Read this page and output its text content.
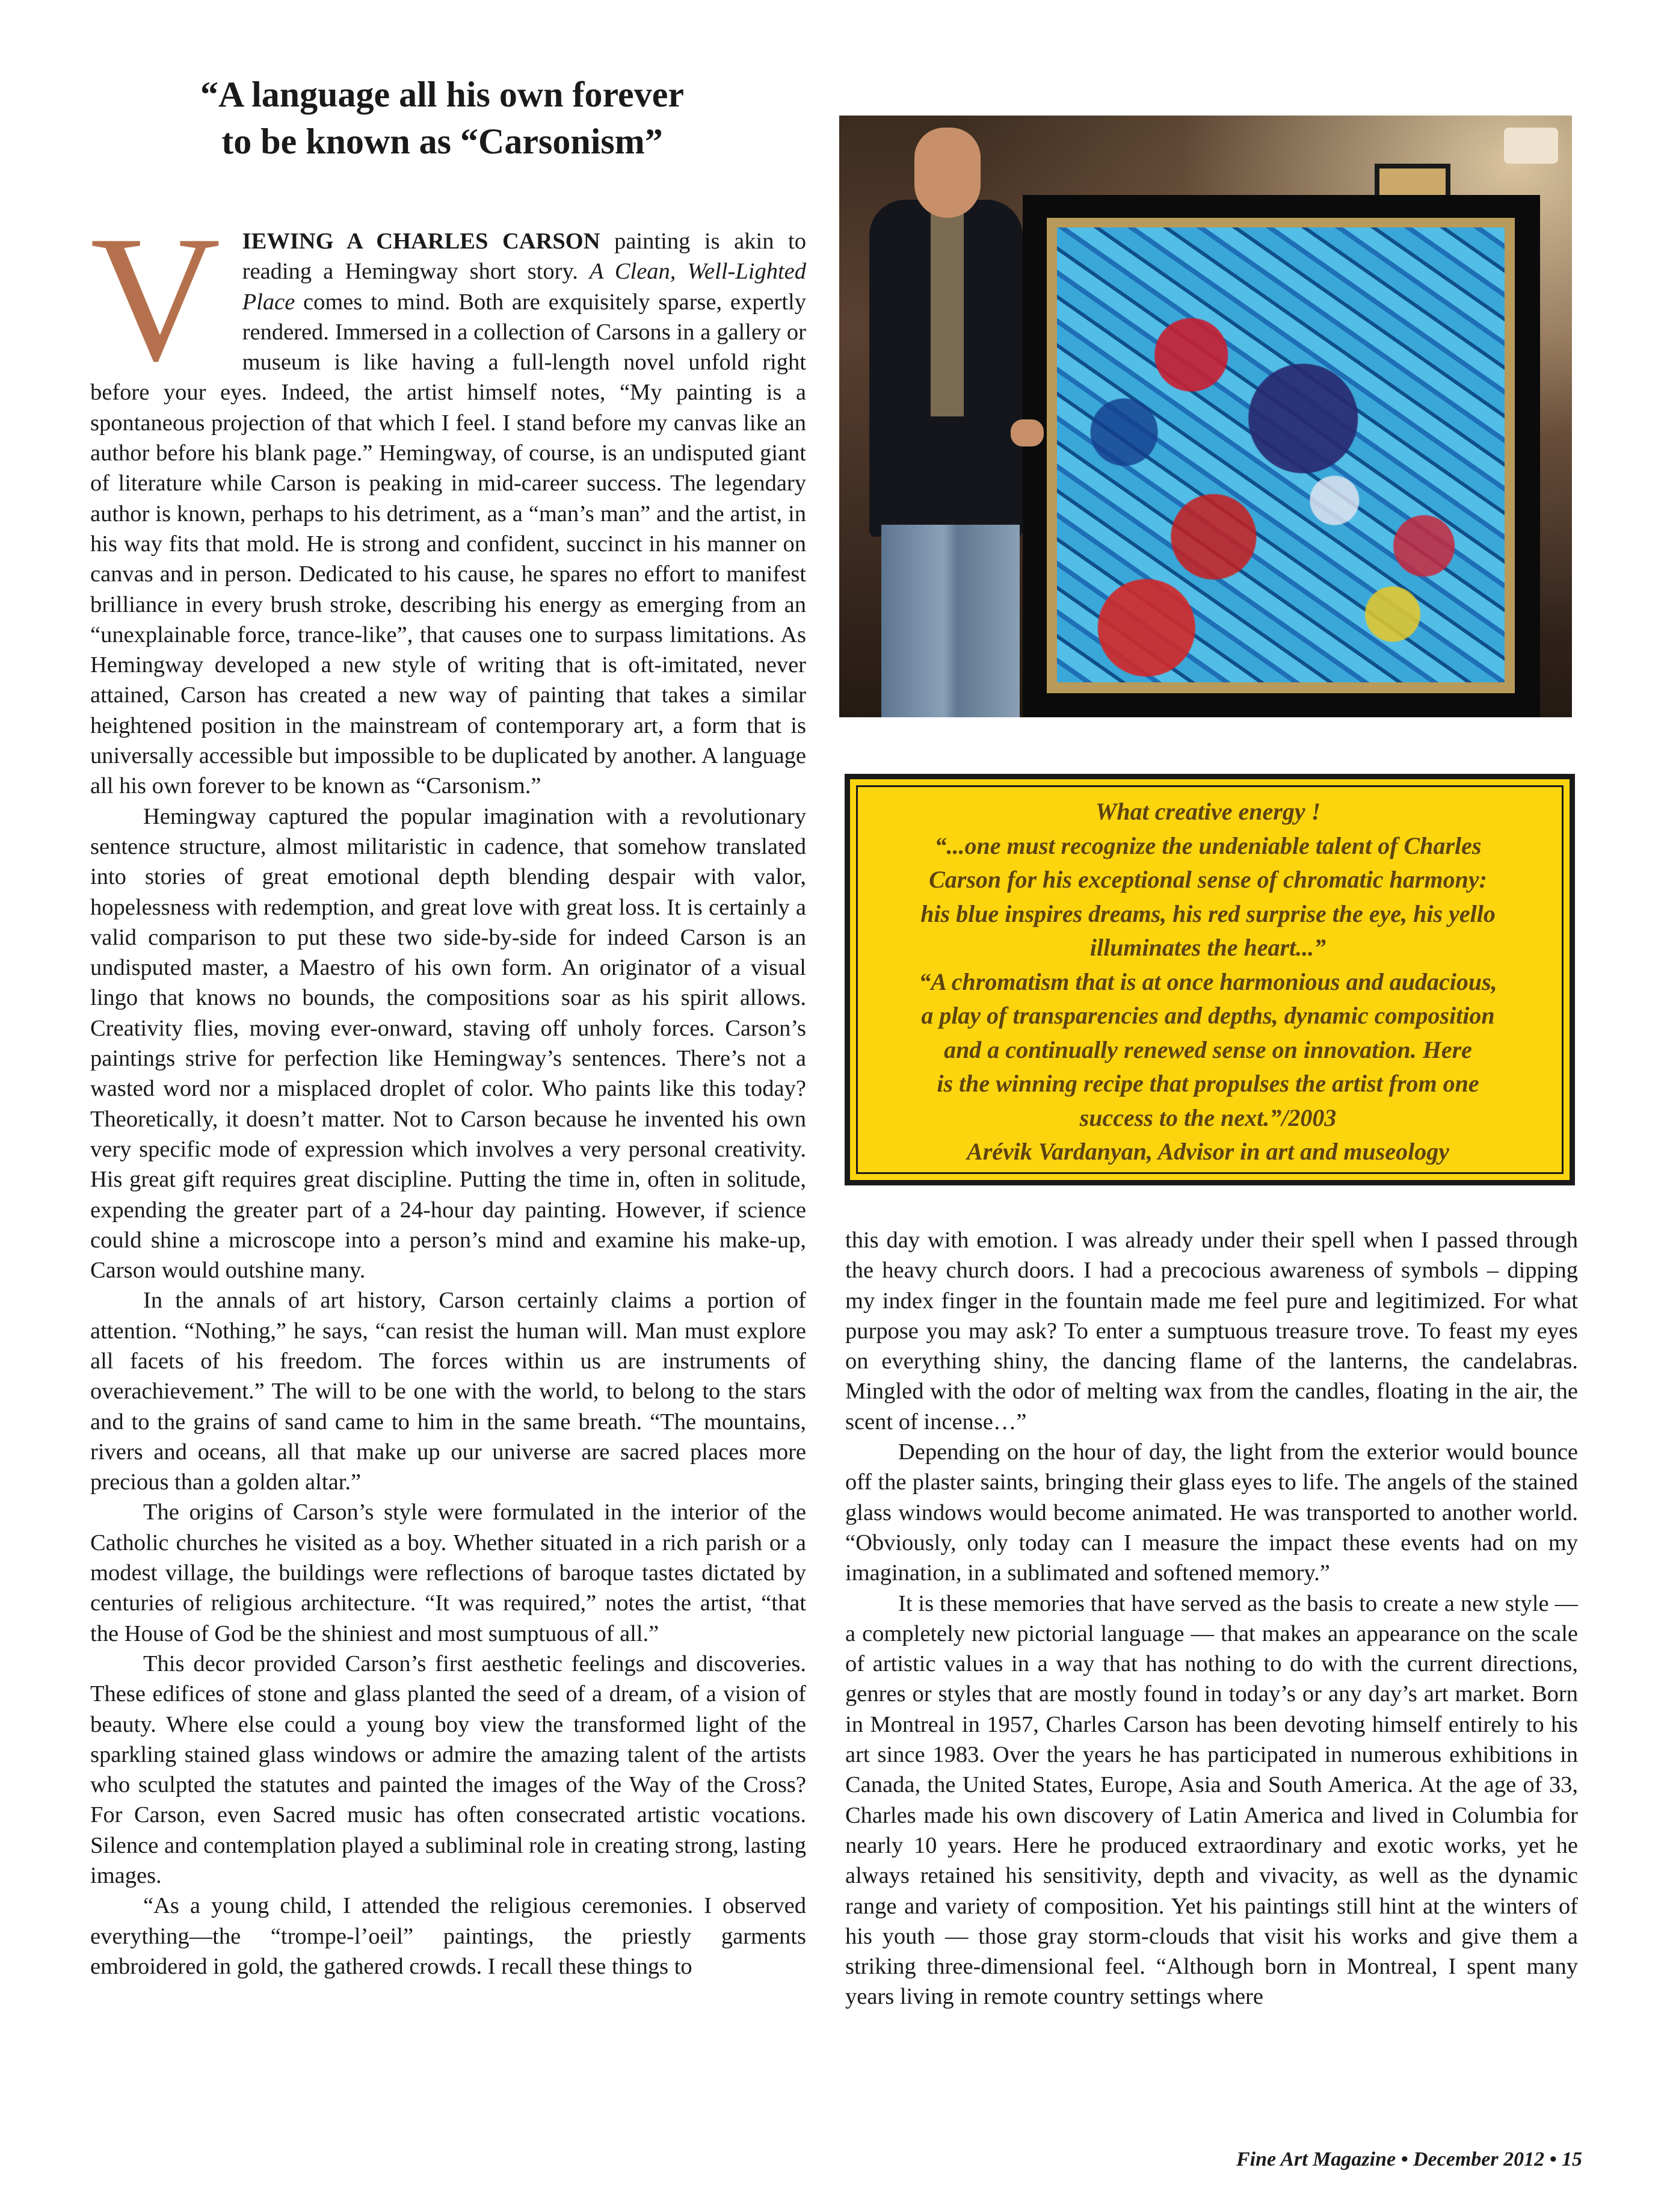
“A language all his own forever
to be known as “Carsonism”

VIEWING A CHARLES CARSON painting is akin to reading a Hemingway short story. A Clean, Well-Lighted Place comes to mind. Both are exquisitely sparse, expertly rendered. Immersed in a collection of Carsons in a gallery or museum is like having a full-length novel unfold right before your eyes. Indeed, the artist himself notes, “My painting is a spontaneous projection of that which I feel. I stand before my canvas like an author before his blank page.” Hemingway, of course, is an undisputed giant of literature while Carson is peaking in mid-career success. The legendary author is known, perhaps to his detriment, as a “man’s man” and the artist, in his way fits that mold. He is strong and confident, succinct in his manner on canvas and in person. Dedicated to his cause, he spares no effort to manifest brilliance in every brush stroke, describing his energy as emerging from an “unexplainable force, trance-like”, that causes one to surpass limitations. As Hemingway developed a new style of writing that is oft-imitated, never attained, Carson has created a new way of painting that takes a similar heightened position in the mainstream of contemporary art, a form that is universally accessible but impossible to be duplicated by another. A language all his own forever to be known as “Carsonism.”

Hemingway captured the popular imagination with a revolutionary sentence structure, almost militaristic in cadence, that somehow translated into stories of great emotional depth blending despair with valor, hopelessness with redemption, and great love with great loss. It is certainly a valid comparison to put these two side-by-side for indeed Carson is an undisputed master, a Maestro of his own form. An originator of a visual lingo that knows no bounds, the compositions soar as his spirit allows. Creativity flies, moving ever-onward, staving off unholy forces. Carson’s paintings strive for perfection like Hemingway’s sentences. There’s not a wasted word nor a misplaced droplet of color. Who paints like this today? Theoretically, it doesn’t matter. Not to Carson because he invented his own very specific mode of expression which involves a very personal creativity. His great gift requires great discipline. Putting the time in, often in solitude, expending the greater part of a 24-hour day painting. However, if science could shine a microscope into a person’s mind and examine his make-up, Carson would outshine many.

In the annals of art history, Carson certainly claims a portion of attention. “Nothing,” he says, “can resist the human will. Man must explore all facets of his freedom. The forces within us are instruments of overachievement.” The will to be one with the world, to belong to the stars and to the grains of sand came to him in the same breath. “The mountains, rivers and oceans, all that make up our universe are sacred places more precious than a golden altar.”

The origins of Carson’s style were formulated in the interior of the Catholic churches he visited as a boy. Whether situated in a rich parish or a modest village, the buildings were reflections of baroque tastes dictated by centuries of religious architecture. “It was required,” notes the artist, “that the House of God be the shiniest and most sumptuous of all.”

This decor provided Carson’s first aesthetic feelings and discoveries. These edifices of stone and glass planted the seed of a dream, of a vision of beauty. Where else could a young boy view the transformed light of the sparkling stained glass windows or admire the amazing talent of the artists who sculpted the statutes and painted the images of the Way of the Cross? For Carson, even Sacred music has often consecrated artistic vocations. Silence and contemplation played a subliminal role in creating strong, lasting images.

“As a young child, I attended the religious ceremonies. I observed everything—the “trompe-l’oeil” paintings, the priestly garments embroidered in gold, the gathered crowds. I recall these things to

What creative energy !
“...one must recognize the undeniable talent of Charles
Carson for his exceptional sense of chromatic harmony:
his blue inspires dreams, his red surprise the eye, his yello
illuminates the heart...”
“A chromatism that is at once harmonious and audacious,
a play of transparencies and depths, dynamic composition
and a continually renewed sense on innovation. Here
is the winning recipe that propulses the artist from one
success to the next.”/2003
Arévik Vardanyan, Advisor in art and museology

this day with emotion. I was already under their spell when I passed through the heavy church doors. I had a precocious awareness of symbols – dipping my index finger in the fountain made me feel pure and legitimized. For what purpose you may ask? To enter a sumptuous treasure trove. To feast my eyes on everything shiny, the dancing flame of the lanterns, the candelabras. Mingled with the odor of melting wax from the candles, floating in the air, the scent of incense…”

Depending on the hour of day, the light from the exterior would bounce off the plaster saints, bringing their glass eyes to life. The angels of the stained glass windows would become animated. He was transported to another world. “Obviously, only today can I measure the impact these events had on my imagination, in a sublimated and softened memory.”

It is these memories that have served as the basis to create a new style — a completely new pictorial language — that makes an appearance on the scale of artistic values in a way that has nothing to do with the current directions, genres or styles that are mostly found in today’s or any day’s art market. Born in Montreal in 1957, Charles Carson has been devoting himself entirely to his art since 1983. Over the years he has participated in numerous exhibitions in Canada, the United States, Europe, Asia and South America. At the age of 33, Charles made his own discovery of Latin America and lived in Columbia for nearly 10 years. Here he produced extraordinary and exotic works, yet he always retained his sensitivity, depth and vivacity, as well as the dynamic range and variety of composition. Yet his paintings still hint at the winters of his youth — those gray storm-clouds that visit his works and give them a striking three-dimensional feel. “Although born in Montreal, I spent many years living in remote country settings where

Fine Art Magazine • December 2012 • 15
